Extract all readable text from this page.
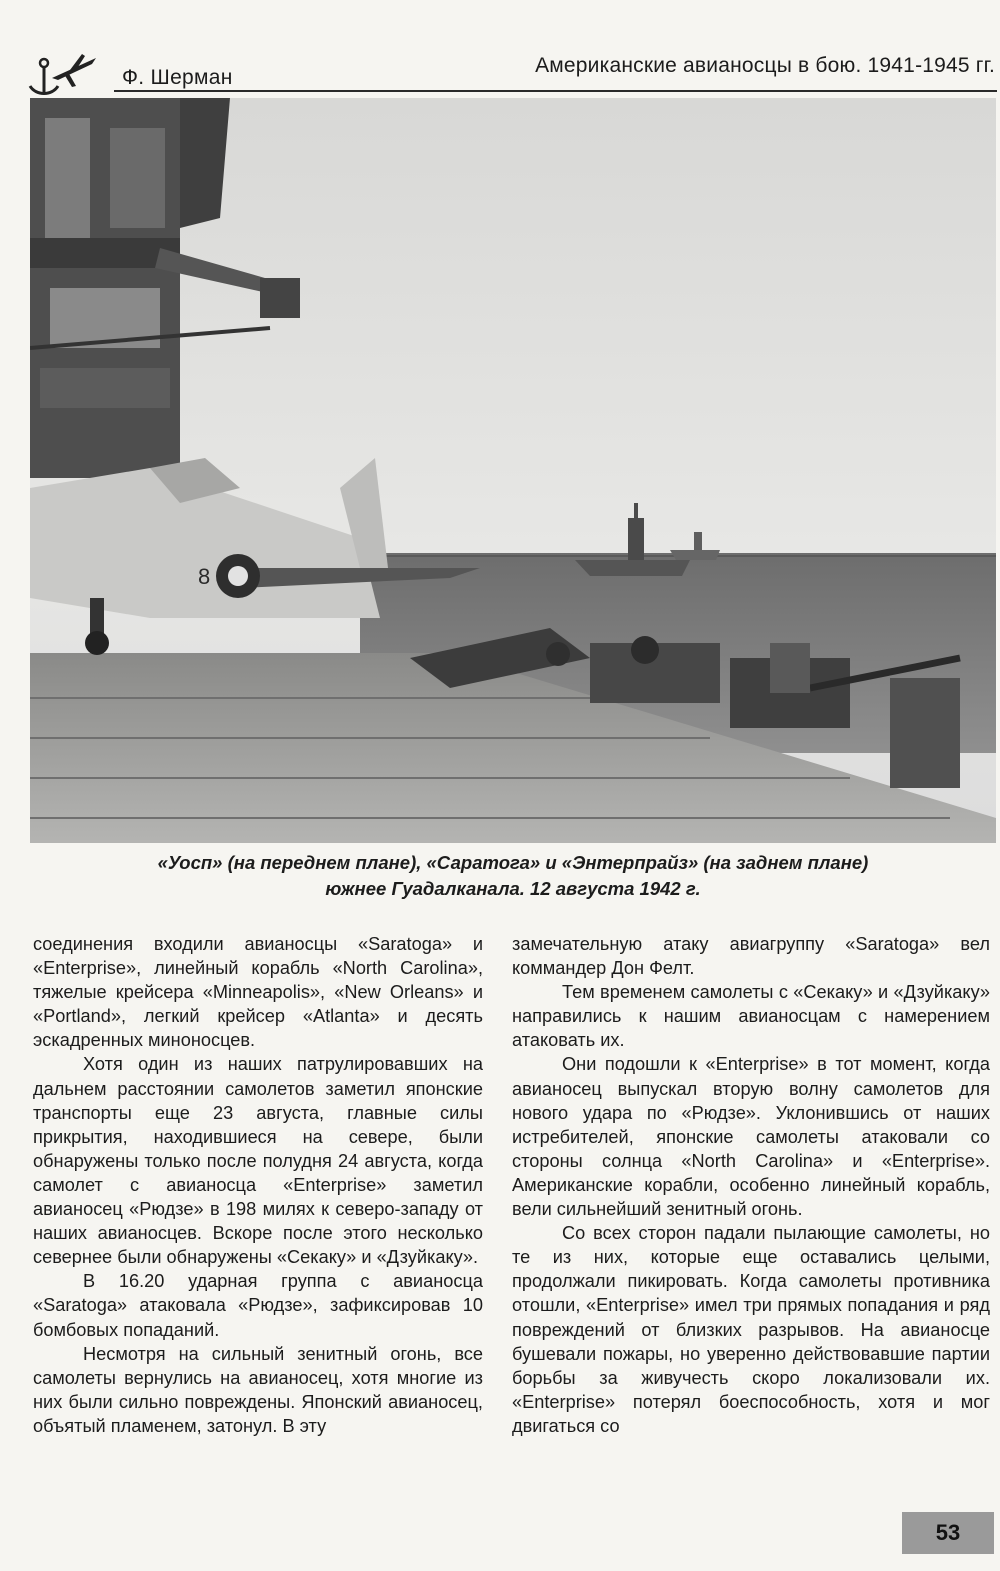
Ф. Шерман
Американские авианосцы в бою. 1941-1945 гг.
8
«Уосп» (на переднем плане), «Саратога» и «Энтерпрайз» (на заднем плане)
южнее Гуадалканала. 12 августа 1942 г.

соединения входили авианосцы «Saratoga» и «Enterprise», линейный корабль «North Carolina», тяжелые крейсера «Minneapolis», «New Orleans» и «Portland», легкий крейсер «Atlanta» и десять эскадренных миноносцев.

Хотя один из наших патрулировавших на дальнем расстоянии самолетов заметил японские транспорты еще 23 августа, главные силы прикрытия, находившиеся на севере, были обнаружены только после полудня 24 августа, когда самолет с авианосца «Enterprise» заметил авианосец «Рюдзе» в 198 милях к северо-западу от наших авианосцев. Вскоре после этого несколько севернее были обнаружены «Секаку» и «Дзуйкаку».

В 16.20 ударная группа с авианосца «Saratoga» атаковала «Рюдзе», зафиксировав 10 бомбовых попаданий.

Несмотря на сильный зенитный огонь, все самолеты вернулись на авианосец, хотя многие из них были сильно повреждены. Японский авианосец, объятый пламенем, затонул. В эту

замечательную атаку авиагруппу «Saratoga» вел коммандер Дон Фелт.

Тем временем самолеты с «Секаку» и «Дзуйкаку» направились к нашим авианосцам с намерением атаковать их.

Они подошли к «Enterprise» в тот момент, когда авианосец выпускал вторую волну самолетов для нового удара по «Рюдзе». Уклонившись от наших истребителей, японские самолеты атаковали со стороны солнца «North Carolina» и «Enterprise». Американские корабли, особенно линейный корабль, вели сильнейший зенитный огонь.

Со всех сторон падали пылающие самолеты, но те из них, которые еще оставались целыми, продолжали пикировать. Когда самолеты противника отошли, «Enterprise» имел три прямых попадания и ряд повреждений от близких разрывов. На авианосце бушевали пожары, но уверенно действовавшие партии борьбы за живучесть скоро локализовали их. «Enterprise» потерял боеспособность, хотя и мог двигаться со

53
